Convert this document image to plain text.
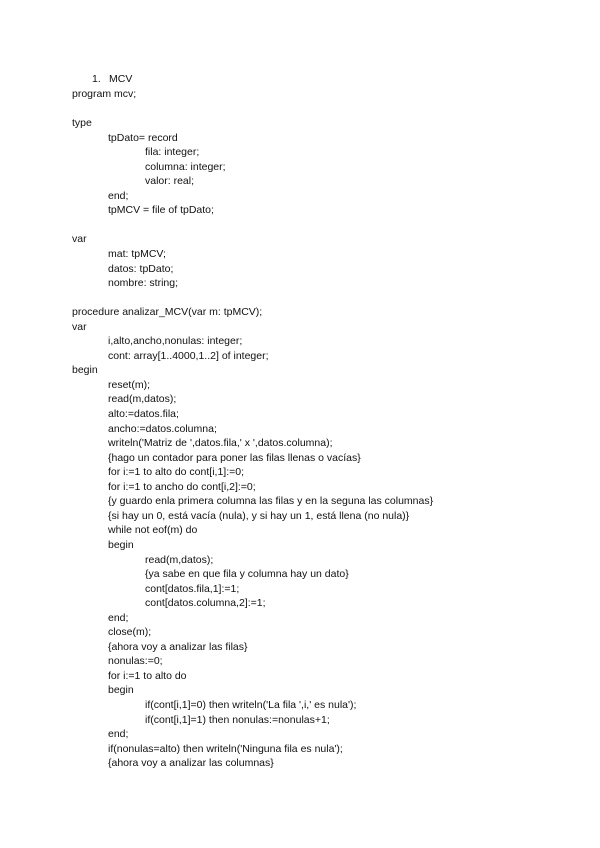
1. MCV
program mcv;
type
tpDato= record
fila: integer;
columna: integer;
valor: real;
end;
tpMCV = file of tpDato;
var
mat: tpMCV;
datos: tpDato;
nombre: string;
procedure analizar_MCV(var m: tpMCV);
var
i,alto,ancho,nonulas: integer;
cont: array[1..4000,1..2] of integer;
begin
reset(m);
read(m,datos);
alto:=datos.fila;
ancho:=datos.columna;
writeln('Matriz de ',datos.fila,' x ',datos.columna);
{hago un contador para poner las filas llenas o vacías}
for i:=1 to alto do cont[i,1]:=0;
for i:=1 to ancho do cont[i,2]:=0;
{y guardo enla primera columna las filas y en la seguna las columnas}
{si hay un 0, está vacía (nula), y si hay un 1, está llena (no nula)}
while not eof(m) do
begin
read(m,datos);
{ya sabe en que fila y columna hay un dato}
cont[datos.fila,1]:=1;
cont[datos.columna,2]:=1;
end;
close(m);
{ahora voy a analizar las filas}
nonulas:=0;
for i:=1 to alto do
begin
if(cont[i,1]=0) then writeln('La fila ',i,' es nula');
if(cont[i,1]=1) then nonulas:=nonulas+1;
end;
if(nonulas=alto) then writeln('Ninguna fila es nula');
{ahora voy a analizar las columnas}
